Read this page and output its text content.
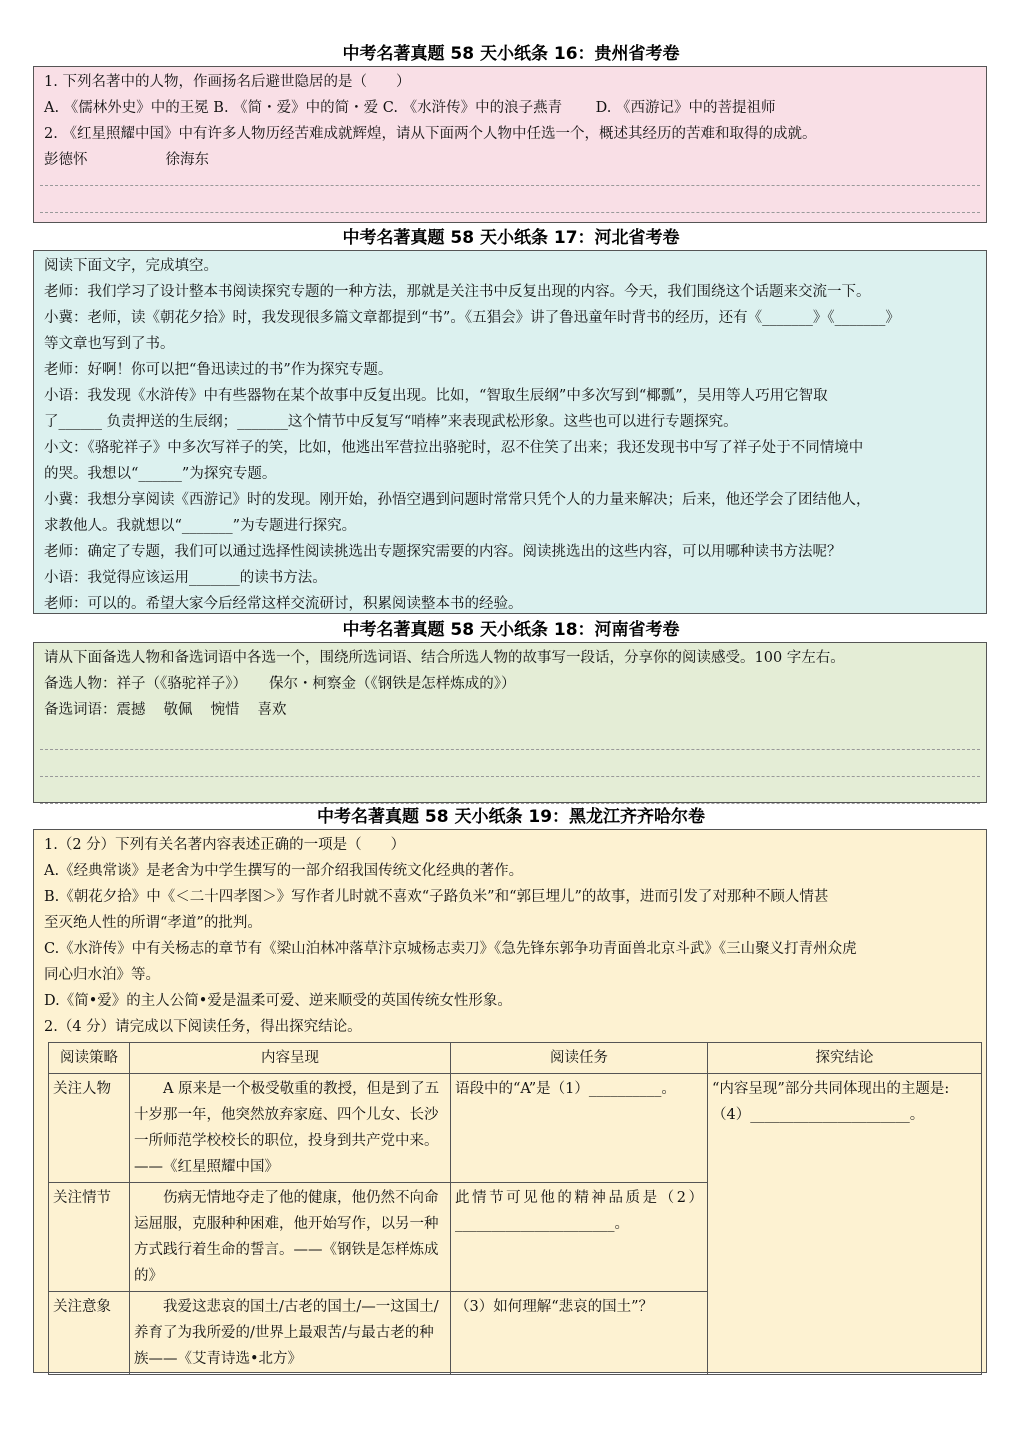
中考名著真题 58 天小纸条 16：贵州省考卷
1. 下列名著中的人物，作画扬名后避世隐居的是（　　）
A. 《儒林外史》中的王冕 B. 《简・爱》中的简・爱 C. 《水浒传》中的浪子燕青　　 D. 《西游记》中的菩提祖师
2. 《红星照耀中国》中有许多人物历经苦难成就辉煌，请从下面两个人物中任选一个，概述其经历的苦难和取得的成就。
彭德怀	徐海东
中考名著真题 58 天小纸条 17：河北省考卷
阅读下面文字，完成填空。
老师：我们学习了设计整本书阅读探究专题的一种方法，那就是关注书中反复出现的内容。今天，我们围绕这个话题来交流一下。
小冀：老师，读《朝花夕拾》时，我发现很多篇文章都提到“书”。《五猖会》讲了鲁迅童年时背书的经历，还有《_______》《_______》
等文章也写到了书。
老师：好啊！你可以把“鲁迅读过的书”作为探究专题。
小语：我发现《水浒传》中有些器物在某个故事中反复出现。比如，“智取生辰纲”中多次写到“椰瓢”，吴用等人巧用它智取
了______ 负责押送的生辰纲；_______这个情节中反复写“哨棒”来表现武松形象。这些也可以进行专题探究。
小文：《骆驼祥子》中多次写祥子的笑，比如，他逃出军营拉出骆驼时，忍不住笑了出来；我还发现书中写了祥子处于不同情境中
的哭。我想以“______”为探究专题。
小冀：我想分享阅读《西游记》时的发现。刚开始，孙悟空遇到问题时常常只凭个人的力量来解决；后来，他还学会了团结他人，
求教他人。我就想以“_______”为专题进行探究。
老师：确定了专题，我们可以通过选择性阅读挑选出专题探究需要的内容。阅读挑选出的这些内容，可以用哪种读书方法呢？
小语：我觉得应该运用_______的读书方法。
老师：可以的。希望大家今后经常这样交流研讨，积累阅读整本书的经验。
中考名著真题 58 天小纸条 18：河南省考卷
请从下面备选人物和备选词语中各选一个，围绕所选词语、结合所选人物的故事写一段话，分享你的阅读感受。100 字左右。
备选人物：祥子（《骆驼祥子》） 保尔・柯察金（《钢铁是怎样炼成的》）
备选词语：震撼 敬佩 惋惜 喜欢
中考名著真题 58 天小纸条 19：黑龙江齐齐哈尔卷
1.（2 分）下列有关名著内容表述正确的一项是（　　）
A.《经典常谈》是老舍为中学生撰写的一部介绍我国传统文化经典的著作。
B.《朝花夕拾》中《＜二十四孝图＞》写作者儿时就不喜欢“子路负米”和“郭巨埋儿”的故事，进而引发了对那种不顾人情甚
至灭绝人性的所谓“孝道”的批判。
C.《水浒传》中有关杨志的章节有《梁山泊林冲落草汴京城杨志卖刀》《急先锋东郭争功青面兽北京斗武》《三山聚义打青州众虎
同心归水泊》等。
D.《简•爱》的主人公简•爱是温柔可爱、逆来顺受的英国传统女性形象。
2.（4 分）请完成以下阅读任务，得出探究结论。
阅读策略	内容呈现	阅读任务	探究结论
关注人物	A 原来是一个极受敬重的教授，但是到了五十岁那一年，他突然放弃家庭、四个儿女、长沙一所师范学校校长的职位，投身到共产党中来。——《红星照耀中国》	语段中的“A”是（1）__________。	“内容呈现”部分共同体现出的主题是:（4）______________________。
关注情节	伤病无情地夺走了他的健康，他仍然不向命运屈服，克服种种困难，他开始写作，以另一种方式践行着生命的誓言。——《钢铁是怎样炼成的》	此情节可见他的精神品质是（2）______________________。	
关注意象	我爱这悲哀的国土/古老的国土/—一这国土/养育了为我所爱的/世界上最艰苦/与最古老的种族——《艾青诗选•北方》	（3）如何理解“悲哀的国土”？	
